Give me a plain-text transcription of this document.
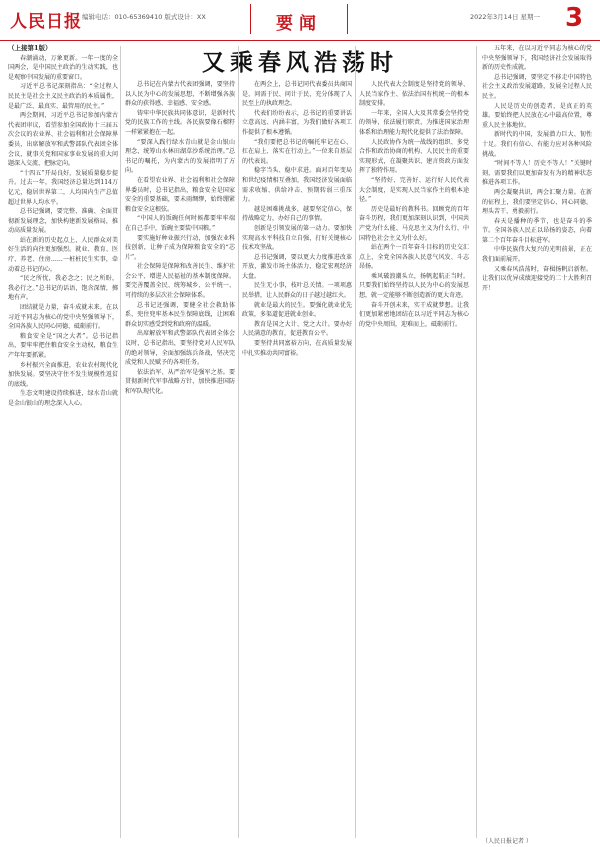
人民日报 编辑电话：010-65369410 版式设计：XX	要闻	2022年3月14日 星期一 3
又乘春风浩荡时

（上接第1版）

春潮涌动，万象更新。一年一度的全国两会，是中国民主政治的生动实践，也是观察中国发展的重要窗口。

习近平总书记深刻指出：“全过程人民民主是社会主义民主政治的本质属性，是最广泛、最真实、最管用的民主。”

两会期间，习近平总书记参加内蒙古代表团审议，看望参加全国政协十三届五次会议的农业界、社会福利和社会保障界委员，出席解放军和武警部队代表团全体会议，就事关党和国家事业发展的重大问题深入交流、把脉定向。

“十四五”开局良好，发展质量稳步提升。过去一年，我国经济总量达到114万亿元，稳居世界第二，人均国内生产总值超过世界人均水平。

总书记强调，要完整、准确、全面贯彻新发展理念，加快构建新发展格局，推动高质量发展。

站在新的历史起点上，人民群众对美好生活的向往更加强烈。就业、教育、医疗、养老、住房……一桩桩民生实事，牵动着总书记的心。

“民之所忧，我必念之；民之所盼，我必行之。”总书记的话语，饱含深情，掷地有声。

团结就是力量，奋斗成就未来。在以习近平同志为核心的党中央坚强领导下，全国各族人民同心同德、砥砺前行。

粮食安全是“国之大者”。总书记指出，要牢牢把住粮食安全主动权，粮食生产年年要抓紧。

乡村振兴全面推进，农业农村现代化加快发展。要坚决守住不发生规模性返贫的底线。

生态文明建设持续推进，绿水青山就是金山银山的理念深入人心。

总书记在内蒙古代表团强调，要坚持以人民为中心的发展思想，不断增强各族群众的获得感、幸福感、安全感。

铸牢中华民族共同体意识，是新时代党的民族工作的主线。各民族要像石榴籽一样紧紧抱在一起。

“要深入践行绿水青山就是金山银山理念，统筹山水林田湖草沙系统治理。”总书记的嘱托，为内蒙古的发展指明了方向。

在看望农业界、社会福利和社会保障界委员时，总书记指出，粮食安全是国家安全的重要基础，要未雨绸缪，始终绷紧粮食安全这根弦。

“中国人的饭碗任何时候都要牢牢端在自己手中，饭碗主要装中国粮。”

要实施好种业振兴行动，加强农业科技创新，让种子成为保障粮食安全的“芯片”。

社会保障是保障和改善民生、维护社会公平、增进人民福祉的基本制度保障。要完善覆盖全民、统筹城乡、公平统一、可持续的多层次社会保障体系。

总书记还强调，要健全社会救助体系，兜住兜牢基本民生保障底线，让困难群众切实感受到党和政府的温暖。

出席解放军和武警部队代表团全体会议时，总书记指出，要坚持党对人民军队的绝对领导，全面加强练兵备战，坚决完成党和人民赋予的各项任务。

依法治军、从严治军是强军之基。要贯彻新时代军事战略方针，加快推进国防和军队现代化。

在两会上，总书记同代表委员共商国是，问需于民、问计于民，充分体现了人民至上的执政理念。

代表们纷纷表示，总书记的重要讲话立意高远、内涵丰富，为我们做好各项工作提供了根本遵循。

“我们要把总书记的嘱托牢记在心、扛在肩上、落实在行动上。”一位来自基层的代表说。

稳字当头、稳中求进。面对百年变局和世纪疫情相互叠加，我国经济发展面临需求收缩、供给冲击、预期转弱三重压力。

越是困难挑战多，越要坚定信心，保持战略定力，办好自己的事情。

创新是引领发展的第一动力。要加快实现高水平科技自立自强，打好关键核心技术攻坚战。

总书记强调，要以更大力度推进改革开放，激发市场主体活力，稳定宏观经济大盘。

民生无小事，枝叶总关情。一项项惠民举措，让人民群众的日子越过越红火。

就业是最大的民生。要强化就业优先政策，多渠道促进就业创业。

教育是国之大计、党之大计。要办好人民满意的教育，促进教育公平。

要坚持共同富裕方向，在高质量发展中扎实推动共同富裕。

人民代表大会制度是坚持党的领导、人民当家作主、依法治国有机统一的根本制度安排。

一年来，全国人大及其常委会坚持党的领导，依法履行职责，为推进国家治理体系和治理能力现代化提供了法治保障。

人民政协作为统一战线的组织、多党合作和政治协商的机构、人民民主的重要实现形式，在凝聚共识、建言资政方面发挥了独特作用。

“坚持好、完善好、运行好人民代表大会制度，是实现人民当家作主的根本途径。”

历史是最好的教科书。回顾党的百年奋斗历程，我们更加深刻认识到，中国共产党为什么能、马克思主义为什么行、中国特色社会主义为什么好。

站在两个一百年奋斗目标的历史交汇点上，全党全国各族人民意气风发、斗志昂扬。

乘风破浪潮头立，扬帆起航正当时。只要我们始终坚持以人民为中心的发展思想，就一定能够不断创造新的更大奇迹。

奋斗开创未来，实干成就梦想。让我们更加紧密地团结在以习近平同志为核心的党中央周围，迎难而上，砥砺前行。

五年来，在以习近平同志为核心的党中央坚强领导下，我国经济社会发展取得新的历史性成就。

总书记强调，要坚定不移走中国特色社会主义政治发展道路，发展全过程人民民主。

人民是历史的创造者，是真正的英雄。要始终把人民放在心中最高位置，尊重人民主体地位。

新时代的中国，发展潜力巨大、韧性十足。我们有信心、有能力应对各种风险挑战。

“时间不等人！历史不等人！”关键时刻，需要我们以更加奋发有为的精神状态推进各项工作。

两会凝聚共识，两会汇聚力量。在新的征程上，我们要坚定信心、同心同德，埋头苦干、勇毅前行。

春天是播种的季节，也是奋斗的季节。全国各族人民正以昂扬的姿态，向着第二个百年奋斗目标进军。

中华民族伟大复兴的光明前景，正在我们面前展开。

又乘春风浩荡时，奋楫扬帆启新程。让我们以优异成绩迎接党的二十大胜利召开！

（人民日报记者 ）
